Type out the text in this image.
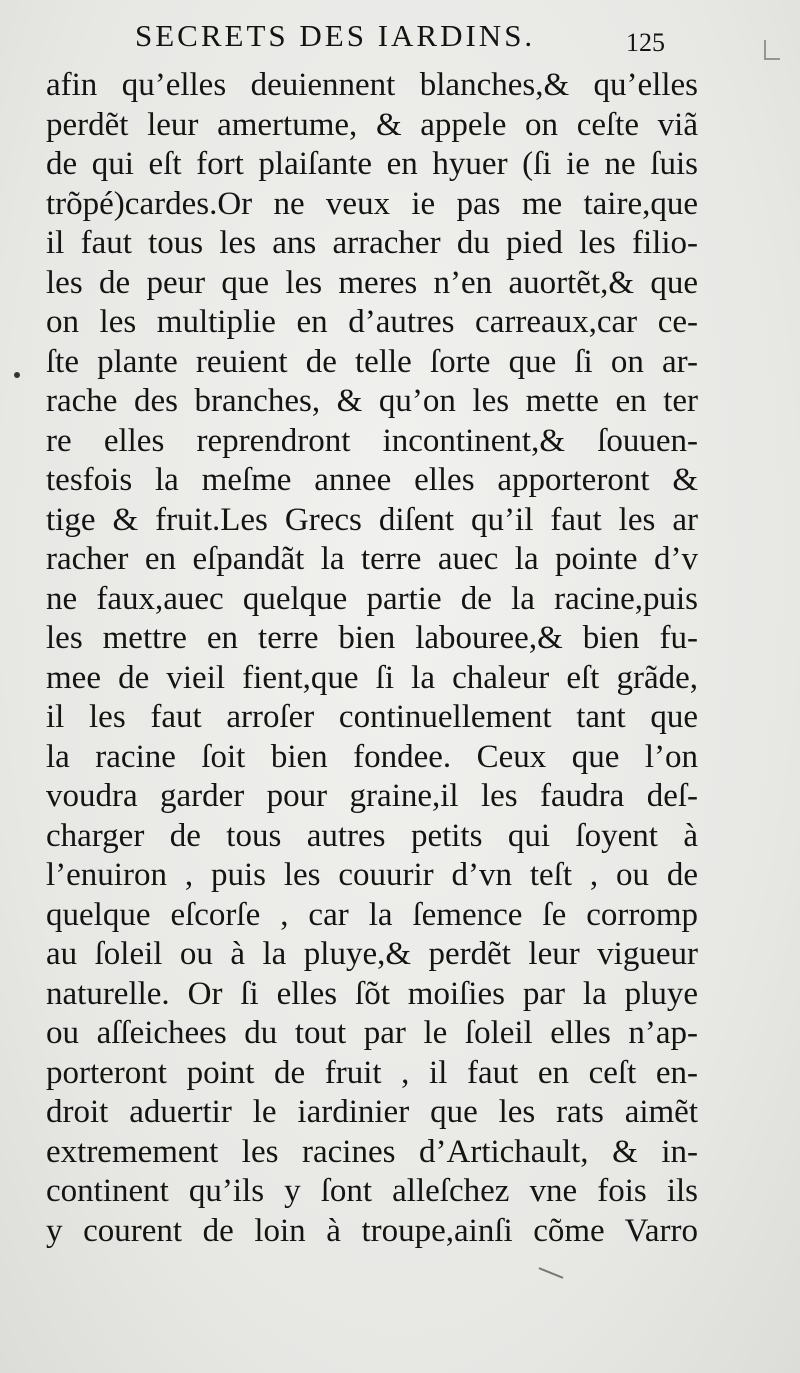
SECRETS DES IARDINS.	125
afin qu’elles deuiennent blanches,& qu’elles
perdẽt leur amertume, & appele on ceſte viã
de qui eſt fort plaiſante en hyuer (ſi ie ne ſuis
trõpé)cardes.Or ne veux ie pas me taire,que
il faut tous les ans arracher du pied les filio-
les de peur que les meres n’en auortẽt,& que
on les multiplie en d’autres carreaux,car ce-
ſte plante reuient de telle ſorte que ſi on ar-
rache des branches, & qu’on les mette en ter
re elles reprendront incontinent,& ſouuen-
tesfois la meſme annee elles apporteront &
tige & fruit.Les Grecs diſent qu’il faut les ar
racher en eſpandãt la terre auec la pointe d’v
ne faux,auec quelque partie de la racine,puis
les mettre en terre bien labouree,& bien fu-
mee de vieil fient,que ſi la chaleur eſt grãde,
il les faut arroſer continuellement tant que
la racine ſoit bien fondee. Ceux que l’on
voudra garder pour graine,il les faudra deſ-
charger de tous autres petits qui ſoyent à
l’enuiron , puis les couurir d’vn teſt , ou de
quelque eſcorſe , car la ſemence ſe corromp
au ſoleil ou à la pluye,& perdẽt leur vigueur
naturelle. Or ſi elles ſõt moiſies par la pluye
ou aſſeichees du tout par le ſoleil elles n’ap-
porteront point de fruit , il faut en ceſt en-
droit aduertir le iardinier que les rats aimẽt
extremement les racines d’Artichault, & in-
continent qu’ils y ſont alleſchez vne fois ils
y courent de loin à troupe,ainſi cõme Varro
